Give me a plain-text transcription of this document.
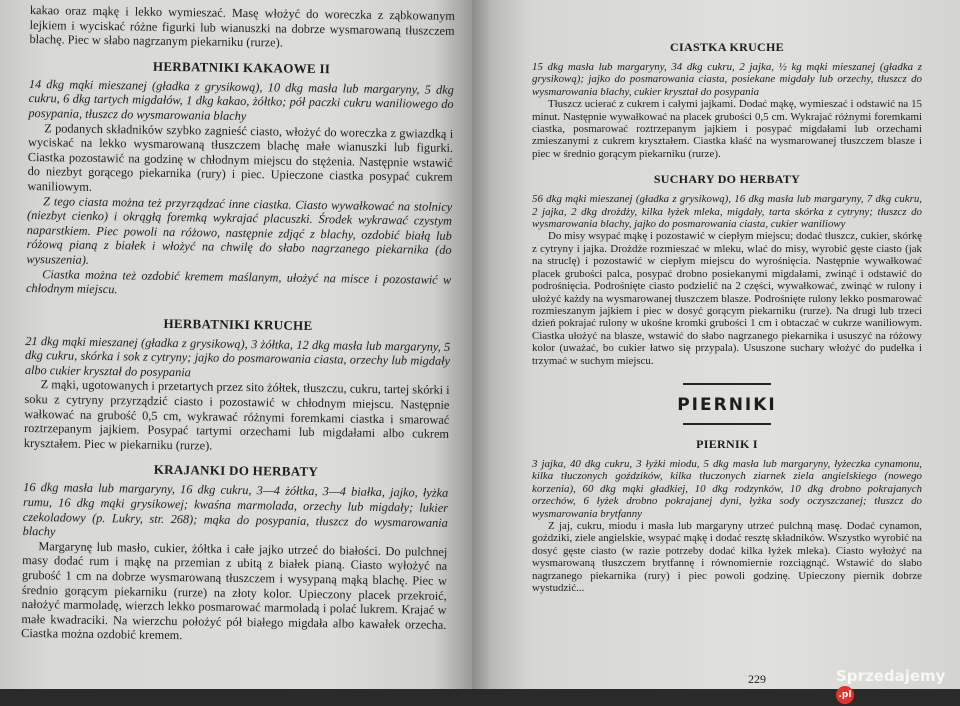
kakao oraz mąkę i lekko wymieszać. Masę włożyć do woreczka z ząbkowanym lejkiem i wyciskać różne figurki lub wianuszki na dobrze wysmarowaną tłuszczem blachę. Piec w słabo nagrzanym piekarniku (rurze).

HERBATNIKI KAKAOWE II

14 dkg mąki mieszanej (gładka z grysikową), 10 dkg masła lub margaryny, 5 dkg cukru, 6 dkg tartych migdałów, 1 dkg kakao, żółtko; pół paczki cukru waniliowego do posypania, tłuszcz do wysmarowania blachy

Z podanych składników szybko zagnieść ciasto, włożyć do woreczka z gwiazdką i wyciskać na lekko wysmarowaną tłuszczem blachę małe wianuszki lub figurki. Ciastka pozostawić na godzinę w chłodnym miejscu do stężenia. Następnie wstawić do niezbyt gorącego piekarnika (rury) i piec. Upieczone ciastka posypać cukrem waniliowym.

Z tego ciasta można też przyrządzać inne ciastka. Ciasto wywałkować na stolnicy (niezbyt cienko) i okrągłą foremką wykrajać placuszki. Środek wykrawać czystym naparstkiem. Piec powoli na różowo, następnie zdjąć z blachy, ozdobić białą lub różową pianą z białek i włożyć na chwilę do słabo nagrzanego piekarnika (do wysuszenia).

Ciastka można też ozdobić kremem maślanym, ułożyć na misce i pozostawić w chłodnym miejscu.

HERBATNIKI KRUCHE

21 dkg mąki mieszanej (gładka z grysikową), 3 żółtka, 12 dkg masła lub margaryny, 5 dkg cukru, skórka i sok z cytryny; jajko do posmarowania ciasta, orzechy lub migdały albo cukier kryształ do posypania

Z mąki, ugotowanych i przetartych przez sito żółtek, tłuszczu, cukru, tartej skórki i soku z cytryny przyrządzić ciasto i pozostawić w chłodnym miejscu. Następnie wałkować na grubość 0,5 cm, wykrawać różnymi foremkami ciastka i smarować roztrzepanym jajkiem. Posypać tartymi orzechami lub migdałami albo cukrem kryształem. Piec w piekarniku (rurze).

KRAJANKI DO HERBATY

16 dkg masła lub margaryny, 16 dkg cukru, 3—4 żółtka, 3—4 białka, jajko, łyżka rumu, 16 dkg mąki grysikowej; kwaśna marmolada, orzechy lub migdały; lukier czekoladowy (p. Lukry, str. 268); mąka do posypania, tłuszcz do wysmarowania blachy

Margarynę lub masło, cukier, żółtka i całe jajko utrzeć do białości. Do pulchnej masy dodać rum i mąkę na przemian z ubitą z białek pianą. Ciasto wyłożyć na grubość 1 cm na dobrze wysmarowaną tłuszczem i wysypaną mąką blachę. Piec w średnio gorącym piekarniku (rurze) na złoty kolor. Upieczony placek przekroić, nałożyć marmoladę, wierzch lekko posmarować marmoladą i polać lukrem. Krajać w małe kwadraciki. Na wierzchu położyć pół białego migdała albo kawałek orzecha. Ciastka można ozdobić kremem.

CIASTKA KRUCHE

15 dkg masła lub margaryny, 34 dkg cukru, 2 jajka, ½ kg mąki mieszanej (gładka z grysikową); jajko do posmarowania ciasta, posiekane migdały lub orzechy, tłuszcz do wysmarowania blachy, cukier kryształ do posypania

Tłuszcz ucierać z cukrem i całymi jajkami. Dodać mąkę, wymieszać i odstawić na 15 minut. Następnie wywałkować na placek grubości 0,5 cm. Wykrajać różnymi foremkami ciastka, posmarować roztrzepanym jajkiem i posypać migdałami lub orzechami zmieszanymi z cukrem kryształem. Ciastka kłaść na wysmarowanej tłuszczem blasze i piec w średnio gorącym piekarniku (rurze).

SUCHARY DO HERBATY

56 dkg mąki mieszanej (gładka z grysikową), 16 dkg masła lub margaryny, 7 dkg cukru, 2 jajka, 2 dkg drożdży, kilka łyżek mleka, migdały, tarta skórka z cytryny; tłuszcz do wysmarowania blachy, jajko do posmarowania ciasta, cukier waniliowy

Do misy wsypać mąkę i pozostawić w ciepłym miejscu; dodać tłuszcz, cukier, skórkę z cytryny i jajka. Drożdże rozmieszać w mleku, wlać do misy, wyrobić gęste ciasto (jak na struclę) i pozostawić w ciepłym miejscu do wyrośnięcia. Następnie wywałkować placek grubości palca, posypać drobno posiekanymi migdałami, zwinąć i odstawić do podrośnięcia. Podrośnięte ciasto podzielić na 2 części, wywałkować, zwinąć w rulony i ułożyć każdy na wysmarowanej tłuszczem blasze. Podrośnięte rulony lekko posmarować rozmieszanym jajkiem i piec w dosyć gorącym piekarniku (rurze). Na drugi lub trzeci dzień pokrajać rulony w ukośne kromki grubości 1 cm i obtaczać w cukrze waniliowym. Ciastka ułożyć na blasze, wstawić do słabo nagrzanego piekarnika i ususzyć na różowy kolor (uważać, bo cukier łatwo się przypala). Ususzone suchary włożyć do pudełka i trzymać w suchym miejscu.

PIERNIKI
PIERNIK I

3 jajka, 40 dkg cukru, 3 łyżki miodu, 5 dkg masła lub margaryny, łyżeczka cynamonu, kilka tłuczonych goździków, kilka tłuczonych ziarnek ziela angielskiego (nowego korzenia), 60 dkg mąki gładkiej, 10 dkg rodzynków, 10 dkg drobno pokrajanych orzechów, 6 łyżek drobno pokrajanej dyni, łyżka sody oczyszczanej; tłuszcz do wysmarowania brytfanny

Z jaj, cukru, miodu i masła lub margaryny utrzeć pulchną masę. Dodać cynamon, goździki, ziele angielskie, wsypać mąkę i dodać resztę składników. Wszystko wyrobić na dosyć gęste ciasto (w razie potrzeby dodać kilka łyżek mleka). Ciasto wyłożyć na wysmarowaną tłuszczem brytfannę i równomiernie rozciągnąć. Wstawić do słabo nagrzanego piekarnika (rury) i piec powoli godzinę. Upieczony piernik dobrze wystudzić...

229	Sprzedajemy.pl
